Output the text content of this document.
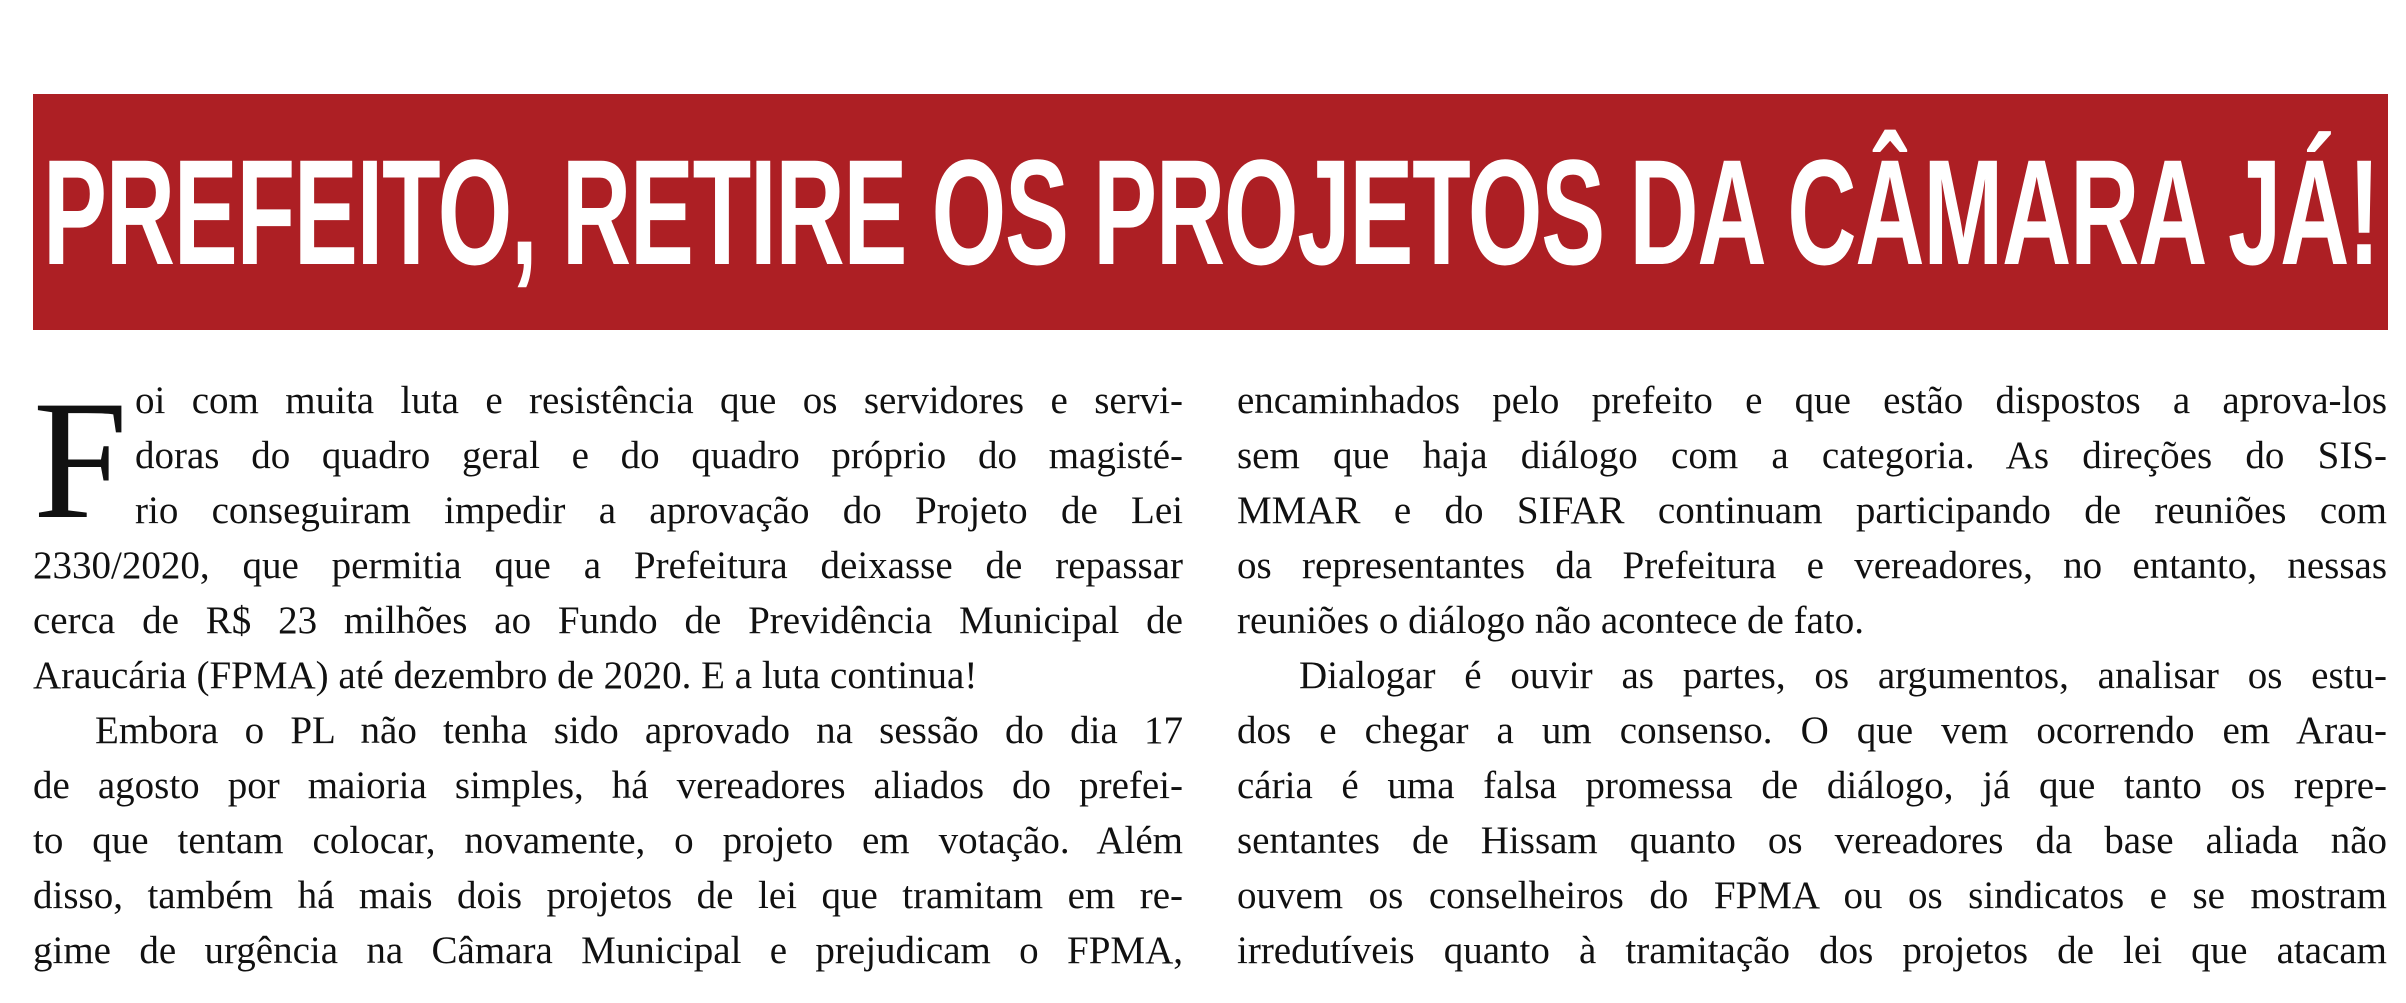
PREFEITO, RETIRE OS PROJETOS DA CÂMARA JÁ!
F oi com muita luta e resistência que os servidores e servi-
doras do quadro geral e do quadro próprio do magisté-
rio conseguiram impedir a aprovação do Projeto de Lei
2330/2020, que permitia que a Prefeitura deixasse de repassar
cerca de R$ 23 milhões ao Fundo de Previdência Municipal de
Araucária (FPMA) até dezembro de 2020. E a luta continua!
Embora o PL não tenha sido aprovado na sessão do dia 17
de agosto por maioria simples, há vereadores aliados do prefei-
to que tentam colocar, novamente, o projeto em votação. Além
disso, também há mais dois projetos de lei que tramitam em re-
gime de urgência na Câmara Municipal e prejudicam o FPMA,
encaminhados pelo prefeito e que estão dispostos a aprova-los
sem que haja diálogo com a categoria. As direções do SIS-
MMAR e do SIFAR continuam participando de reuniões com
os representantes da Prefeitura e vereadores, no entanto, nessas
reuniões o diálogo não acontece de fato.
Dialogar é ouvir as partes, os argumentos, analisar os estu-
dos e chegar a um consenso. O que vem ocorrendo em Arau-
cária é uma falsa promessa de diálogo, já que tanto os repre-
sentantes de Hissam quanto os vereadores da base aliada não
ouvem os conselheiros do FPMA ou os sindicatos e se mostram
irredutíveis quanto à tramitação dos projetos de lei que atacam
